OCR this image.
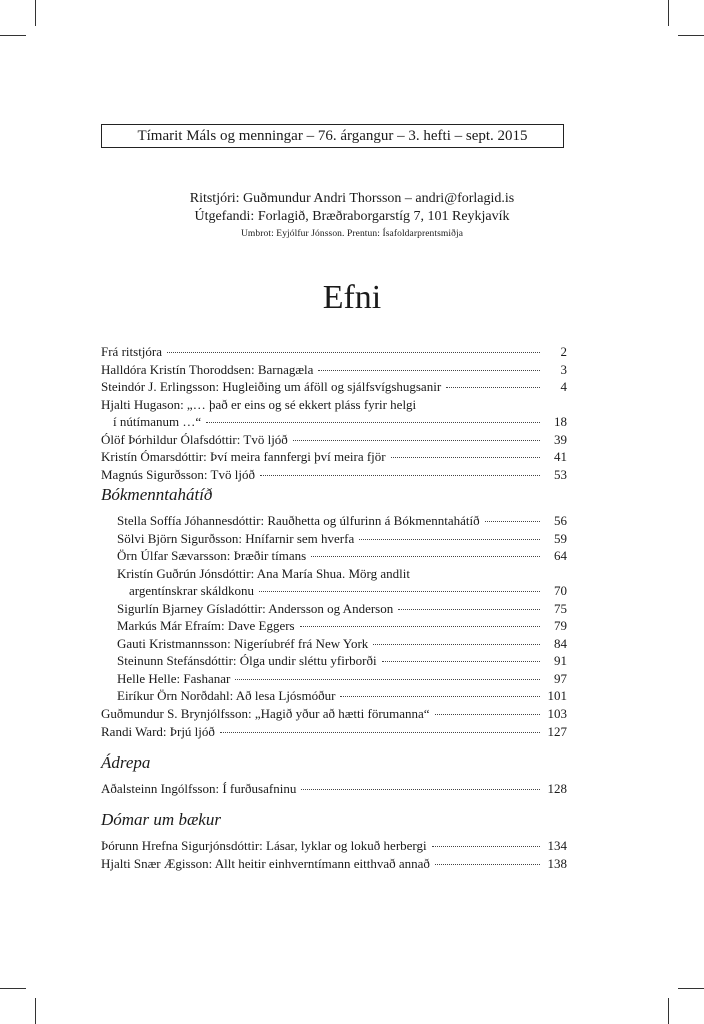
Tímarit Máls og menningar – 76. árgangur – 3. hefti – sept. 2015
Ritstjóri: Guðmundur Andri Thorsson – andri@forlagid.is
Útgefandi: Forlagið, Bræðraborgarstíg 7, 101 Reykjavík
Umbrot: Eyjólfur Jónsson. Prentun: Ísafoldarprentsmiðja
Efni
Frá ritstjóra	2
Halldóra Kristín Thoroddsen: Barnagæla	3
Steindór J. Erlingsson: Hugleiðing um áföll og sjálfsvígshugsanir	4
Hjalti Hugason: „… það er eins og sé ekkert pláss fyrir helgi
í nútímanum …“	18
Ólöf Þórhildur Ólafsdóttir: Tvö ljóð	39
Kristín Ómarsdóttir: Því meira fannfergi því meira fjör	41
Magnús Sigurðsson: Tvö ljóð	53
Bókmenntahátíð
Stella Soffía Jóhannesdóttir: Rauðhetta og úlfurinn á Bókmenntahátíð	56
Sölvi Björn Sigurðsson: Hnífarnir sem hverfa	59
Örn Úlfar Sævarsson: Þræðir tímans	64
Kristín Guðrún Jónsdóttir: Ana María Shua. Mörg andlit
argentínskrar skáldkonu	70
Sigurlín Bjarney Gísladóttir: Andersson og Anderson	75
Markús Már Efraím: Dave Eggers	79
Gauti Kristmannsson: Nigeríubréf frá New York	84
Steinunn Stefánsdóttir: Ólga undir sléttu yfirborði	91
Helle Helle: Fashanar	97
Eiríkur Örn Norðdahl: Að lesa Ljósmóður	101
Guðmundur S. Brynjólfsson: „Hagið yður að hætti förumanna“	103
Randi Ward: Þrjú ljóð	127
Ádrepa
Aðalsteinn Ingólfsson: Í furðusafninu	128
Dómar um bækur
Þórunn Hrefna Sigurjónsdóttir: Lásar, lyklar og lokuð herbergi	134
Hjalti Snær Ægisson: Allt heitir einhverntímann eitthvað annað	138
